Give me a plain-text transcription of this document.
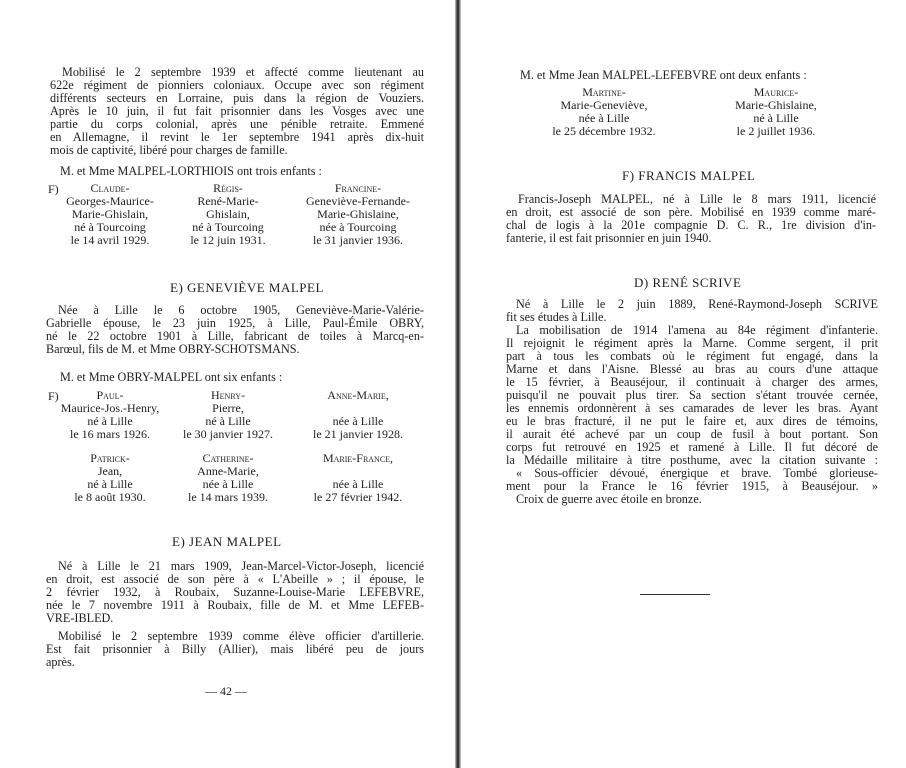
Mobilisé le 2 septembre 1939 et affecté comme lieutenant au
622e régiment de pionniers coloniaux. Occupe avec son régiment
différents secteurs en Lorraine, puis dans la région de Vouziers.
Après le 10 juin, il fut fait prisonnier dans les Vosges avec une
partie du corps colonial, après une pénible retraite. Emmené
en Allemagne, il revint le 1er septembre 1941 après dix-huit
mois de captivité, libéré pour charges de famille.
M. et Mme MALPEL-LORTHIOIS ont trois enfants :
F)	Claude-
Georges-Maurice-
Marie-Ghislain,
né à Tourcoing
le 14 avril 1929.
Régis-
René-Marie-
Ghislain,
né à Tourcoing
le 12 juin 1931.
Francine-
Geneviève-Fernande-
Marie-Ghislaine,
née à Tourcoing
le 31 janvier 1936.
E) GENEVIÈVE MALPEL
Née à Lille le 6 octobre 1905, Geneviève-Marie-Valérie-
Gabrielle épouse, le 23 juin 1925, à Lille, Paul-Émile OBRY,
né le 22 octobre 1901 à Lille, fabricant de toiles à Marcq-en-
Barœul, fils de M. et Mme OBRY-SCHOTSMANS.
M. et Mme OBRY-MALPEL ont six enfants :
F)	Paul-
Maurice-Jos.-Henry,
né à Lille
le 16 mars 1926.
Henry-
Pierre,
né à Lille
le 30 janvier 1927.
Anne-Marie,

née à Lille
le 21 janvier 1928.
Patrick-
Jean,
né à Lille
le 8 août 1930.
Catherine-
Anne-Marie,
née à Lille
le 14 mars 1939.
Marie-France,

née à Lille
le 27 février 1942.
E) JEAN MALPEL
Né à Lille le 21 mars 1909, Jean-Marcel-Victor-Joseph, licencié
en droit, est associé de son père à « L'Abeille » ; il épouse, le
2 février 1932, à Roubaix, Suzanne-Louise-Marie LEFEBVRE,
née le 7 novembre 1911 à Roubaix, fille de M. et Mme LEFEB-
VRE-IBLED.
Mobilisé le 2 septembre 1939 comme élève officier d'artillerie.
Est fait prisonnier à Billy (Allier), mais libéré peu de jours
après.
— 42 —
M. et Mme Jean MALPEL-LEFEBVRE ont deux enfants :
Martine-
Marie-Geneviève,
née à Lille
le 25 décembre 1932.
Maurice-
Marie-Ghislaine,
né à Lille
le 2 juillet 1936.
F) FRANCIS MALPEL
Francis-Joseph MALPEL, né à Lille le 8 mars 1911, licencié
en droit, est associé de son père. Mobilisé en 1939 comme maré-
chal de logis à la 201e compagnie D. C. R., 1re division d'in-
fanterie, il est fait prisonnier en juin 1940.
D) RENÉ SCRIVE
Né à Lille le 2 juin 1889, René-Raymond-Joseph SCRIVE
fit ses études à Lille.
La mobilisation de 1914 l'amena au 84e régiment d'infanterie.
Il rejoignit le régiment après la Marne. Comme sergent, il prit
part à tous les combats où le régiment fut engagé, dans la
Marne et dans l'Aisne. Blessé au bras au cours d'une attaque
le 15 février, à Beauséjour, il continuait à charger des armes,
puisqu'il ne pouvait plus tirer. Sa section s'étant trouvée cernée,
les ennemis ordonnèrent à ses camarades de lever les bras. Ayant
eu le bras fracturé, il ne put le faire et, aux dires de témoins,
il aurait été achevé par un coup de fusil à bout portant. Son
corps fut retrouvé en 1925 et ramené à Lille. Il fut décoré de
la Médaille militaire à titre posthume, avec la citation suivante :
« Sous-officier dévoué, énergique et brave. Tombé glorieuse-
ment pour la France le 16 février 1915, à Beauséjour. »
Croix de guerre avec étoile en bronze.
